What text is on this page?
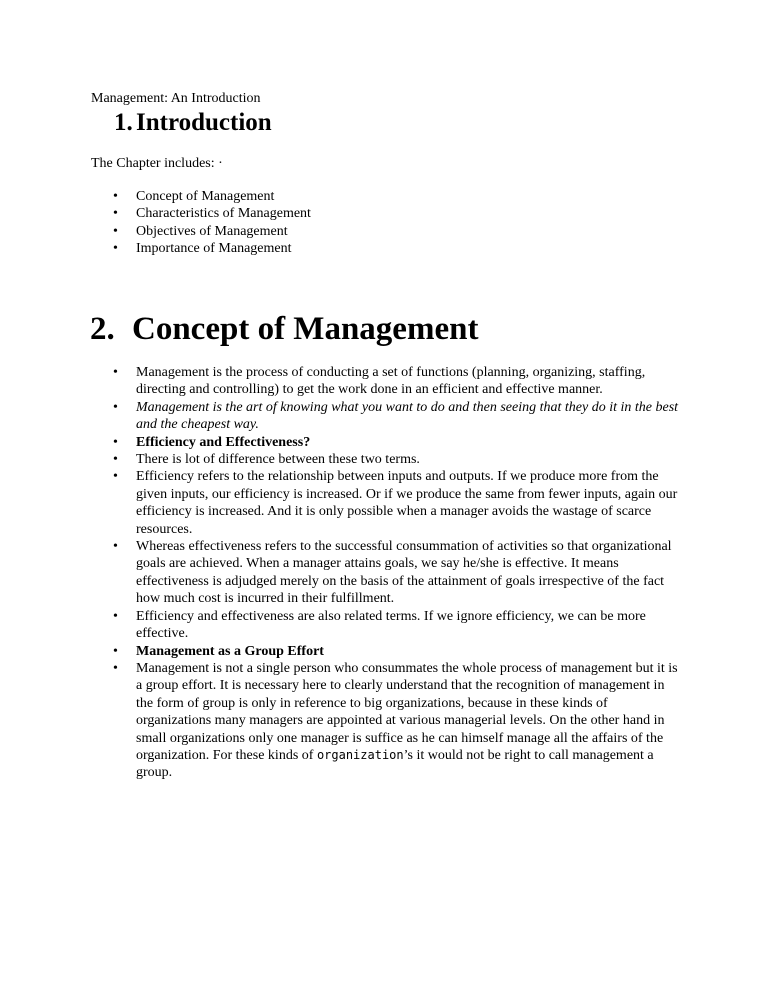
Management: An Introduction
1. Introduction
The Chapter includes: ·
•	Concept of Management
•	Characteristics of Management
•	Objectives of Management
•	Importance of Management
2. Concept of Management
•	Management is the process of conducting a set of functions (planning, organizing, staffing, directing and controlling) to get the work done in an efficient and effective manner.
•	Management is the art of knowing what you want to do and then seeing that they do it in the best and the cheapest way.
•	Efficiency and Effectiveness?
•	There is lot of difference between these two terms.
•	Efficiency refers to the relationship between inputs and outputs. If we produce more from the given inputs, our efficiency is increased. Or if we produce the same from fewer inputs, again our efficiency is increased. And it is only possible when a manager avoids the wastage of scarce resources.
•	Whereas effectiveness refers to the successful consummation of activities so that organizational goals are achieved. When a manager attains goals, we say he/she is effective. It means effectiveness is adjudged merely on the basis of the attainment of goals irrespective of the fact how much cost is incurred in their fulfillment.
•	Efficiency and effectiveness are also related terms. If we ignore efficiency, we can be more effective.
•	Management as a Group Effort
•	Management is not a single person who consummates the whole process of management but it is a group effort. It is necessary here to clearly understand that the recognition of management in the form of group is only in reference to big organizations, because in these kinds of organizations many managers are appointed at various managerial levels. On the other hand in small organizations only one manager is suffice as he can himself manage all the affairs of the organization. For these kinds of organization’s it would not be right to call management a group.
